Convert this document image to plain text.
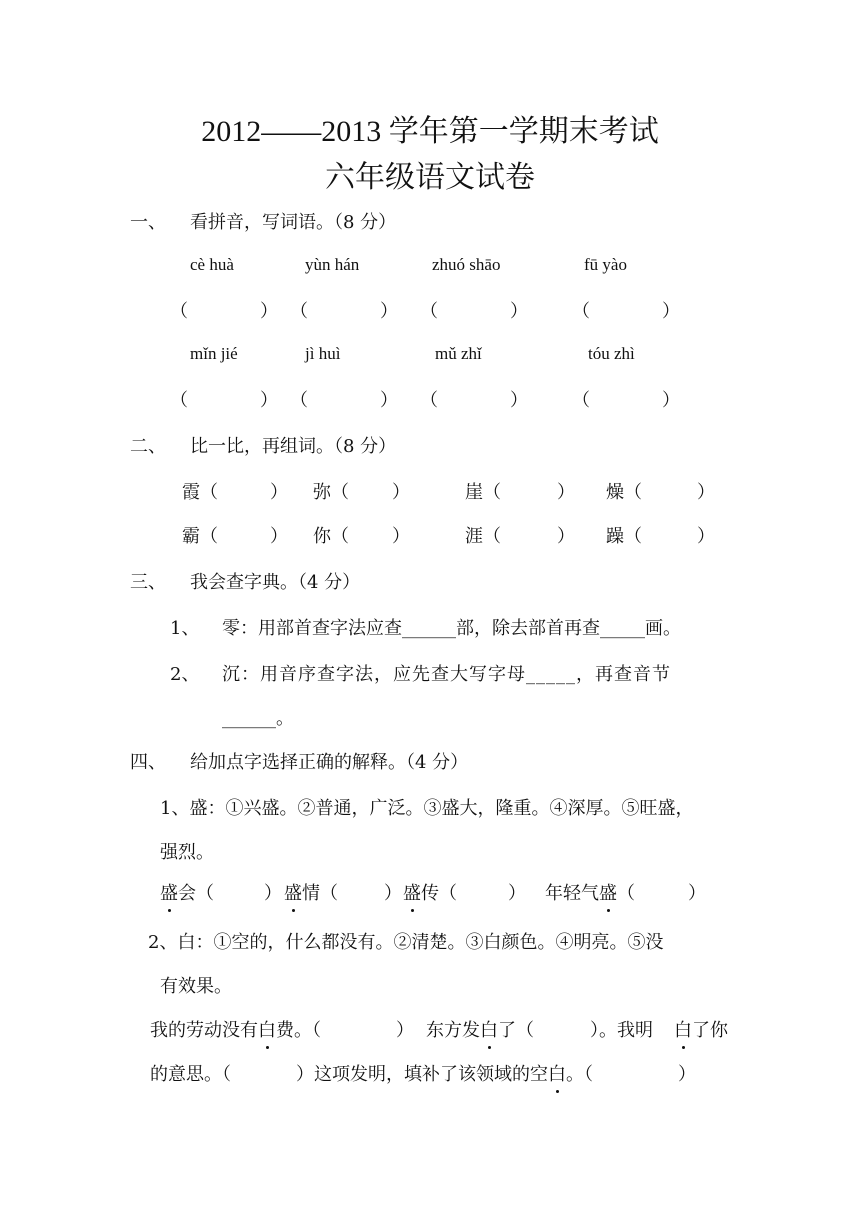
2012——2013 学年第一学期末考试
六年级语文试卷
一、 看拼音，写词语。（8 分）
cè huà	yùn hán	zhuó shāo	fū yào
（	） （	） （	） （	）
mǐn jié	jì huì	mǔ zhǐ	tóu zhì
（	） （	） （	） （	）
二、 比一比，再组词。（8 分）
霞（	） 弥（ ）	崖（	） 燥（	）
霸（	） 你（ ）	涯（	） 躁（	）
三、 我会查字典。（4 分）
1、 零：用部首查字法应查______部，除去部首再查_____画。
2、 沉：用音序查字法，应先查大写字母_____，再查音节
______。
四、 给加点字选择正确的解释。（4 分）
1、盛：①兴盛。②普通，广泛。③盛大，隆重。④深厚。⑤旺盛，
强烈。
盛会（	） 盛情（	） 盛传（	） 年轻气盛（	）
2、白：①空的，什么都没有。②清楚。③白颜色。④明亮。⑤没
有效果。
我的劳动没有白费。（	） 东方发白了（	）。我明 白了你
的意思。（	）这项发明，填补了该领域的空白。（	）
